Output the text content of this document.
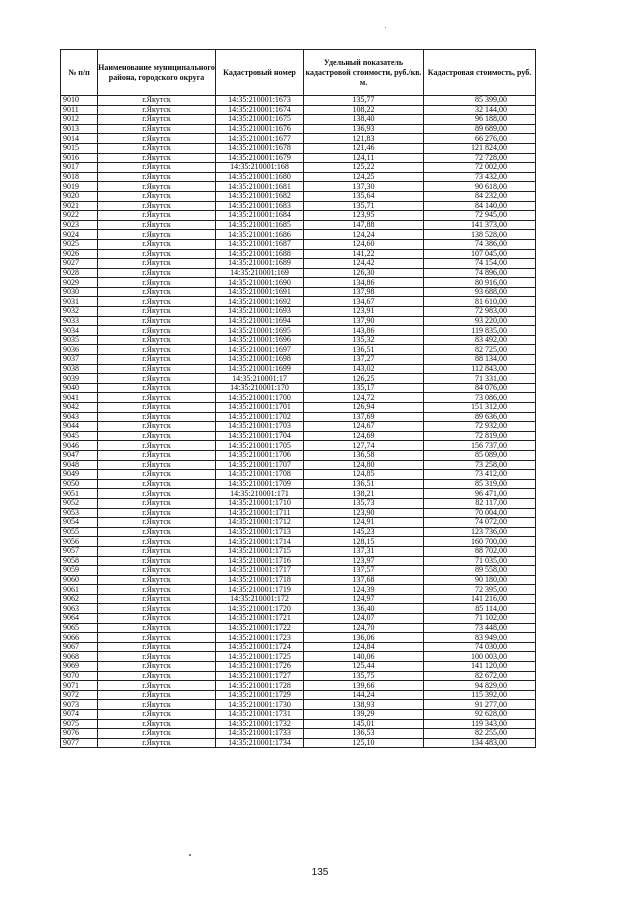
№ п/п	Наименование муниципального района, городского округа	Кадастровый номер	Удельный показатель кадастровой стоимости, руб./кв. м.	Кадастровая стоимость, руб.
9010	г.Якутск	14:35:210001:1673	135,77	85 399,00
9011	г.Якутск	14:35:210001:1674	108,22	32 144,00
9012	г.Якутск	14:35:210001:1675	138,40	96 188,00
9013	г.Якутск	14:35:210001:1676	136,93	89 689,00
9014	г.Якутск	14:35:210001:1677	121,83	66 276,00
9015	г.Якутск	14:35:210001:1678	121,46	121 824,00
9016	г.Якутск	14:35:210001:1679	124,11	72 728,00
9017	г.Якутск	14:35:210001:168	125,22	72 002,00
9018	г.Якутск	14:35:210001:1680	124,25	73 432,00
9019	г.Якутск	14:35:210001:1681	137,30	90 618,00
9020	г.Якутск	14:35:210001:1682	135,64	84 232,00
9021	г.Якутск	14:35:210001:1683	135,71	84 140,00
9022	г.Якутск	14:35:210001:1684	123,95	72 945,00
9023	г.Якутск	14:35:210001:1685	147,88	141 373,00
9024	г.Якутск	14:35:210001:1686	124,24	138 528,00
9025	г.Якутск	14:35:210001:1687	124,60	74 386,00
9026	г.Якутск	14:35:210001:1688	141,22	107 045,00
9027	г.Якутск	14:35:210001:1689	124,42	74 154,00
9028	г.Якутск	14:35:210001:169	126,30	74 896,00
9029	г.Якутск	14:35:210001:1690	134,86	80 916,00
9030	г.Якутск	14:35:210001:1691	137,98	93 688,00
9031	г.Якутск	14:35:210001:1692	134,67	81 610,00
9032	г.Якутск	14:35:210001:1693	123,91	72 983,00
9033	г.Якутск	14:35:210001:1694	137,90	93 220,00
9034	г.Якутск	14:35:210001:1695	143,86	119 835,00
9035	г.Якутск	14:35:210001:1696	135,32	83 492,00
9036	г.Якутск	14:35:210001:1697	136,51	82 725,00
9037	г.Якутск	14:35:210001:1698	137,27	88 134,00
9038	г.Якутск	14:35:210001:1699	143,02	112 843,00
9039	г.Якутск	14:35:210001:17	126,25	71 331,00
9040	г.Якутск	14:35:210001:170	135,17	84 076,00
9041	г.Якутск	14:35:210001:1700	124,72	73 086,00
9042	г.Якутск	14:35:210001:1701	126,94	151 312,00
9043	г.Якутск	14:35:210001:1702	137,69	89 636,00
9044	г.Якутск	14:35:210001:1703	124,67	72 932,00
9045	г.Якутск	14:35:210001:1704	124,69	72 819,00
9046	г.Якутск	14:35:210001:1705	127,74	156 737,00
9047	г.Якутск	14:35:210001:1706	136,58	85 089,00
9048	г.Якутск	14:35:210001:1707	124,80	73 258,00
9049	г.Якутск	14:35:210001:1708	124,85	73 412,00
9050	г.Якутск	14:35:210001:1709	136,51	85 319,00
9051	г.Якутск	14:35:210001:171	138,21	96 471,00
9052	г.Якутск	14:35:210001:1710	135,73	82 117,00
9053	г.Якутск	14:35:210001:1711	123,90	70 004,00
9054	г.Якутск	14:35:210001:1712	124,91	74 072,00
9055	г.Якутск	14:35:210001:1713	145,23	123 736,00
9056	г.Якутск	14:35:210001:1714	128,15	160 700,00
9057	г.Якутск	14:35:210001:1715	137,31	88 702,00
9058	г.Якутск	14:35:210001:1716	123,97	71 035,00
9059	г.Якутск	14:35:210001:1717	137,57	89 558,00
9060	г.Якутск	14:35:210001:1718	137,68	90 180,00
9061	г.Якутск	14:35:210001:1719	124,39	72 395,00
9062	г.Якутск	14:35:210001:172	124,97	141 216,00
9063	г.Якутск	14:35:210001:1720	136,40	85 114,00
9064	г.Якутск	14:35:210001:1721	124,07	71 102,00
9065	г.Якутск	14:35:210001:1722	124,70	73 448,00
9066	г.Якутск	14:35:210001:1723	136,06	83 949,00
9067	г.Якутск	14:35:210001:1724	124,84	74 030,00
9068	г.Якутск	14:35:210001:1725	140,06	100 003,00
9069	г.Якутск	14:35:210001:1726	125,44	141 120,00
9070	г.Якутск	14:35:210001:1727	135,75	82 672,00
9071	г.Якутск	14:35:210001:1728	139,66	94 829,00
9072	г.Якутск	14:35:210001:1729	144,24	115 392,00
9073	г.Якутск	14:35:210001:1730	138,93	91 277,00
9074	г.Якутск	14:35:210001:1731	139,29	92 628,00
9075	г.Якутск	14:35:210001:1732	145,01	119 343,00
9076	г.Якутск	14:35:210001:1733	136,53	82 255,00
9077	г.Якутск	14:35:210001:1734	125,10	134 483,00
135
